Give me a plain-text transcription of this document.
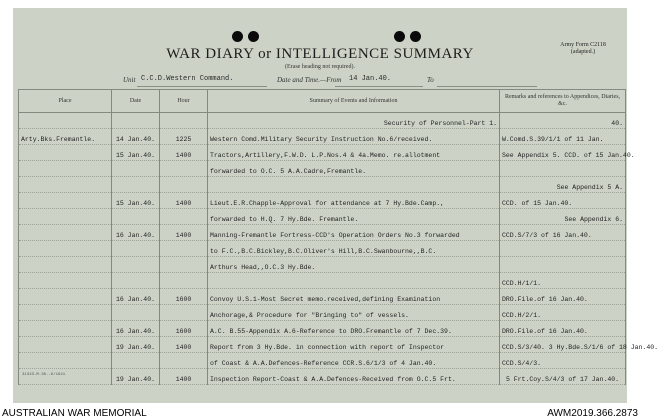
WAR DIARY or INTELLIGENCE SUMMARY
(Erase heading not required).
Army Form C2118
(adapted.)
Unit C.C.D.Western Command.	Date and Time.—From 14 Jan.40.	To
Place	Date	Hour	Summary of Events and Information	Remarks and references to Appendices, Diaries, &c.
			Security of Personnel-Part 1.	40.
Arty.Bks.Fremantle.	14 Jan.40.	1225	Western Comd.Military Security Instruction No.6/received.	W.Comd.S.39/1/1 of 11 Jan.
	15 Jan.40.	1400	Tractors,Artillery,F.W.D. L.P.Nos.4 & 4a.Memo. re.allotment	See Appendix 5. CCD. of 15 Jan.40.
			forwarded to O.C. 5 A.A.Cadre,Fremantle.	
				See Appendix 5 A.
	15 Jan.40.	1400	Lieut.E.R.Chapple-Approval for attendance at 7 Hy.Bde.Camp.,	CCD. of 15 Jan.40.
			forwarded to H.Q. 7 Hy.Bde. Fremantle.	See Appendix 6.
	16 Jan.40.	1400	Manning-Fremantle Fortress-CCD's Operation Orders No.3 forwarded	CCD.S/7/3 of 16 Jan.40.
			to F.C.,B.C.Bickley,B.C.Oliver's Hill,B.C.Swanbourne,,B.C.	
			Arthurs Head,,O.C.3 Hy.Bde.	
				CCD.H/1/1.
	16 Jan.40.	1600	Convoy U.S.1-Most Secret memo.received,defining Examination	DRO.File.of 16 Jan.40.
			Anchorage,& Procedure for "Bringing to" of vessels.	CCD.H/2/1.
	16 Jan.40.	1600	A.C. B.55-Appendix A.6-Reference to DRO.Fremantle of 7 Dec.39.	DRO.File.of 16 Jan.40.
	19 Jan.40.	1400	Report from 3 Hy.Bde. in connection with report of Inspector	CCD.S/3/40. 3 Hy.Bde.S/1/6 of 18 Jan.40.
			of Coast & A.A.Defences-Reference CCR.S.6/1/3 of 4 Jan.40.	CCD.S/4/3.
	19 Jan.40.	1400	Inspection Report-Coast & A.A.Defences-Received from O.C.5 Frt.	5 Frt.Coy.S/4/3 of 17 Jan.40.
31343-M.36.-6/1941
AUSTRALIAN WAR MEMORIAL	AWM2019.366.2873
